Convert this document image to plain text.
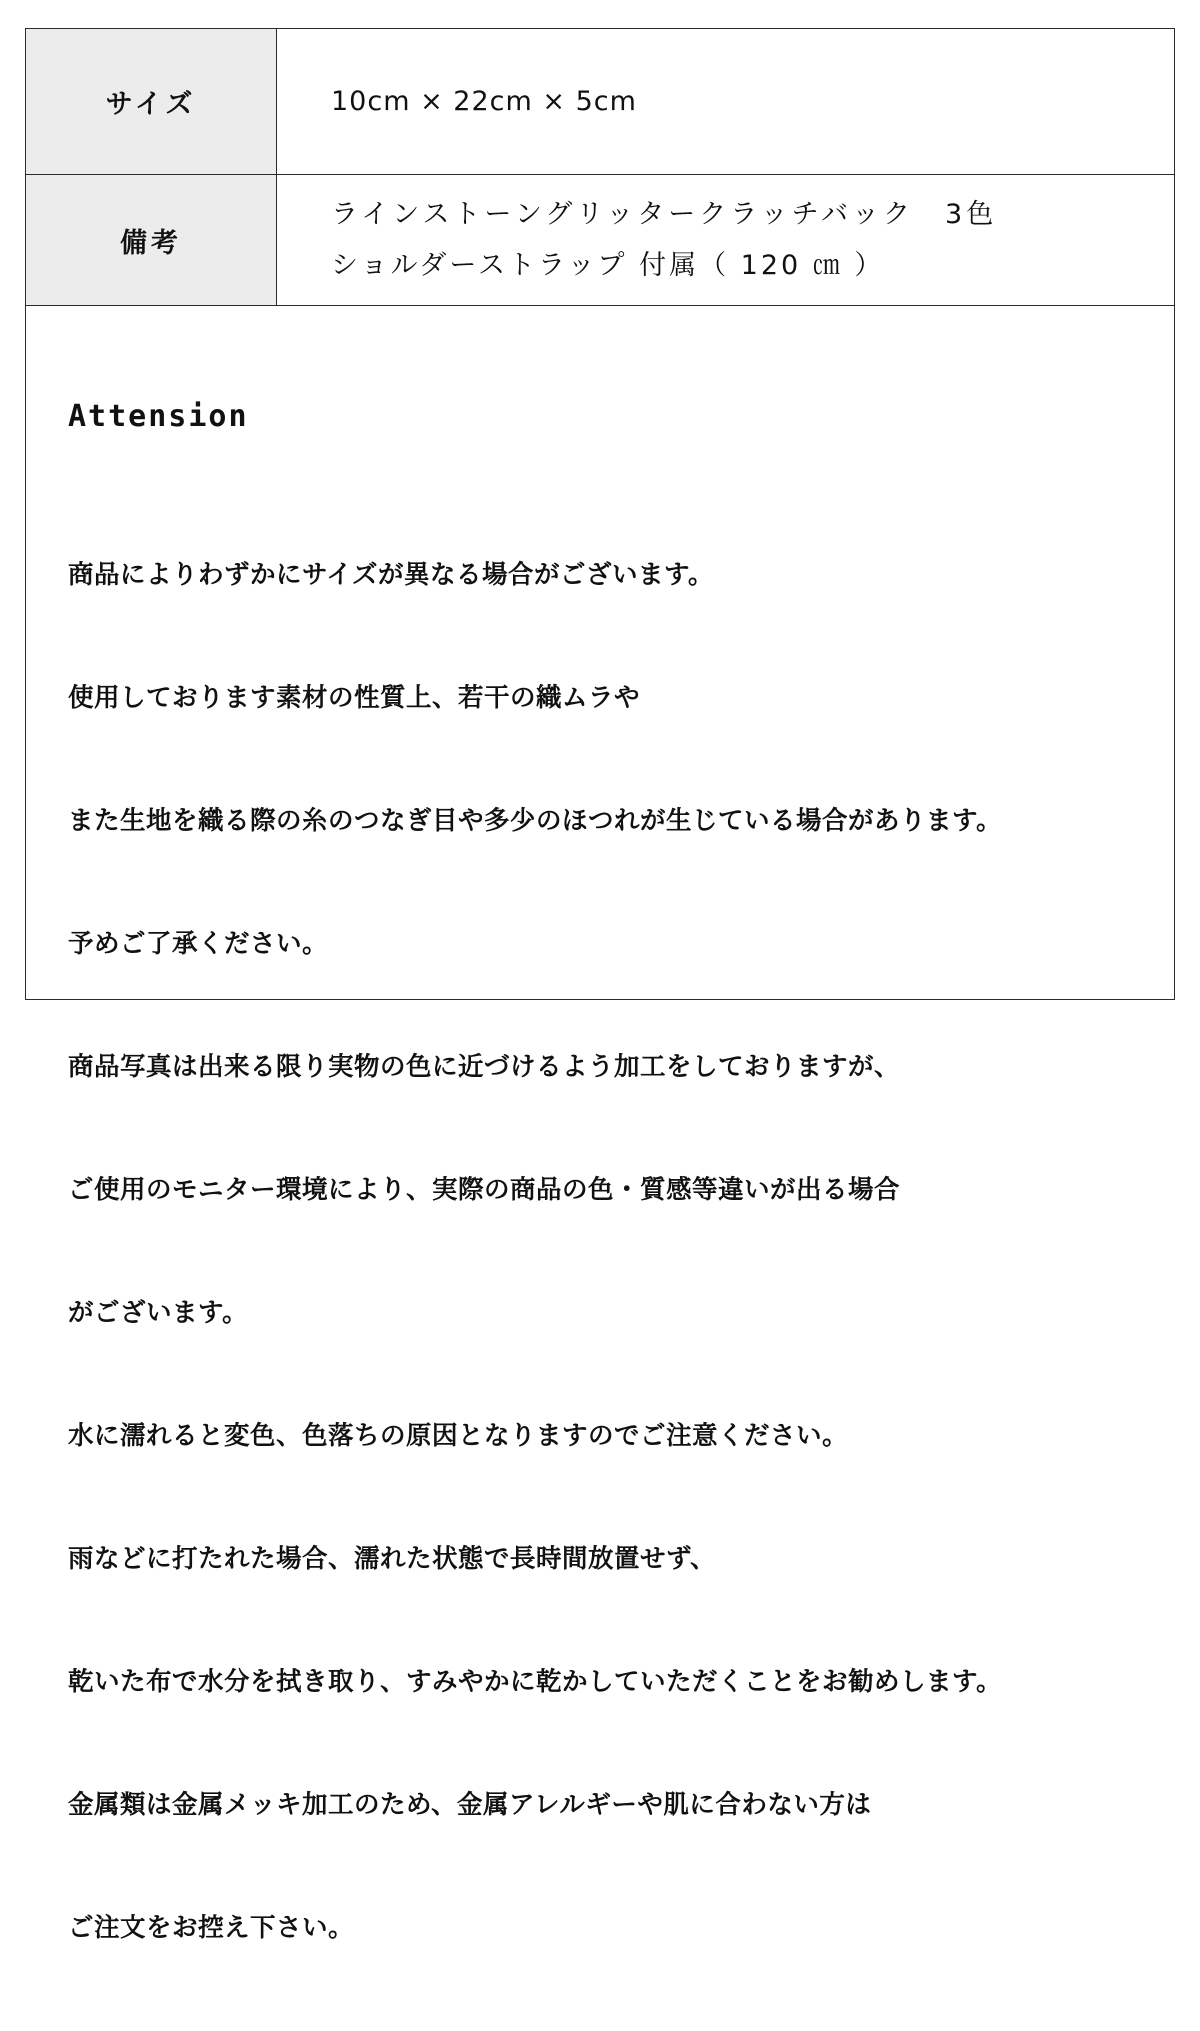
サイズ	10cm × 22cm × 5cm
備考	ラインストーングリッタークラッチバック　3色
ショルダーストラップ 付属（ 120 ㎝ ）
Attension

商品によりわずかにサイズが異なる場合がございます。

使用しております素材の性質上、若干の織ムラや

また生地を織る際の糸のつなぎ目や多少のほつれが生じている場合があります。

予めご了承ください。

商品写真は出来る限り実物の色に近づけるよう加工をしておりますが、

ご使用のモニター環境により、実際の商品の色・質感等違いが出る場合

がございます。

水に濡れると変色、色落ちの原因となりますのでご注意ください。

雨などに打たれた場合、濡れた状態で長時間放置せず、

乾いた布で水分を拭き取り、すみやかに乾かしていただくことをお勧めします。

金属類は金属メッキ加工のため、金属アレルギーや肌に合わない方は

ご注文をお控え下さい。
